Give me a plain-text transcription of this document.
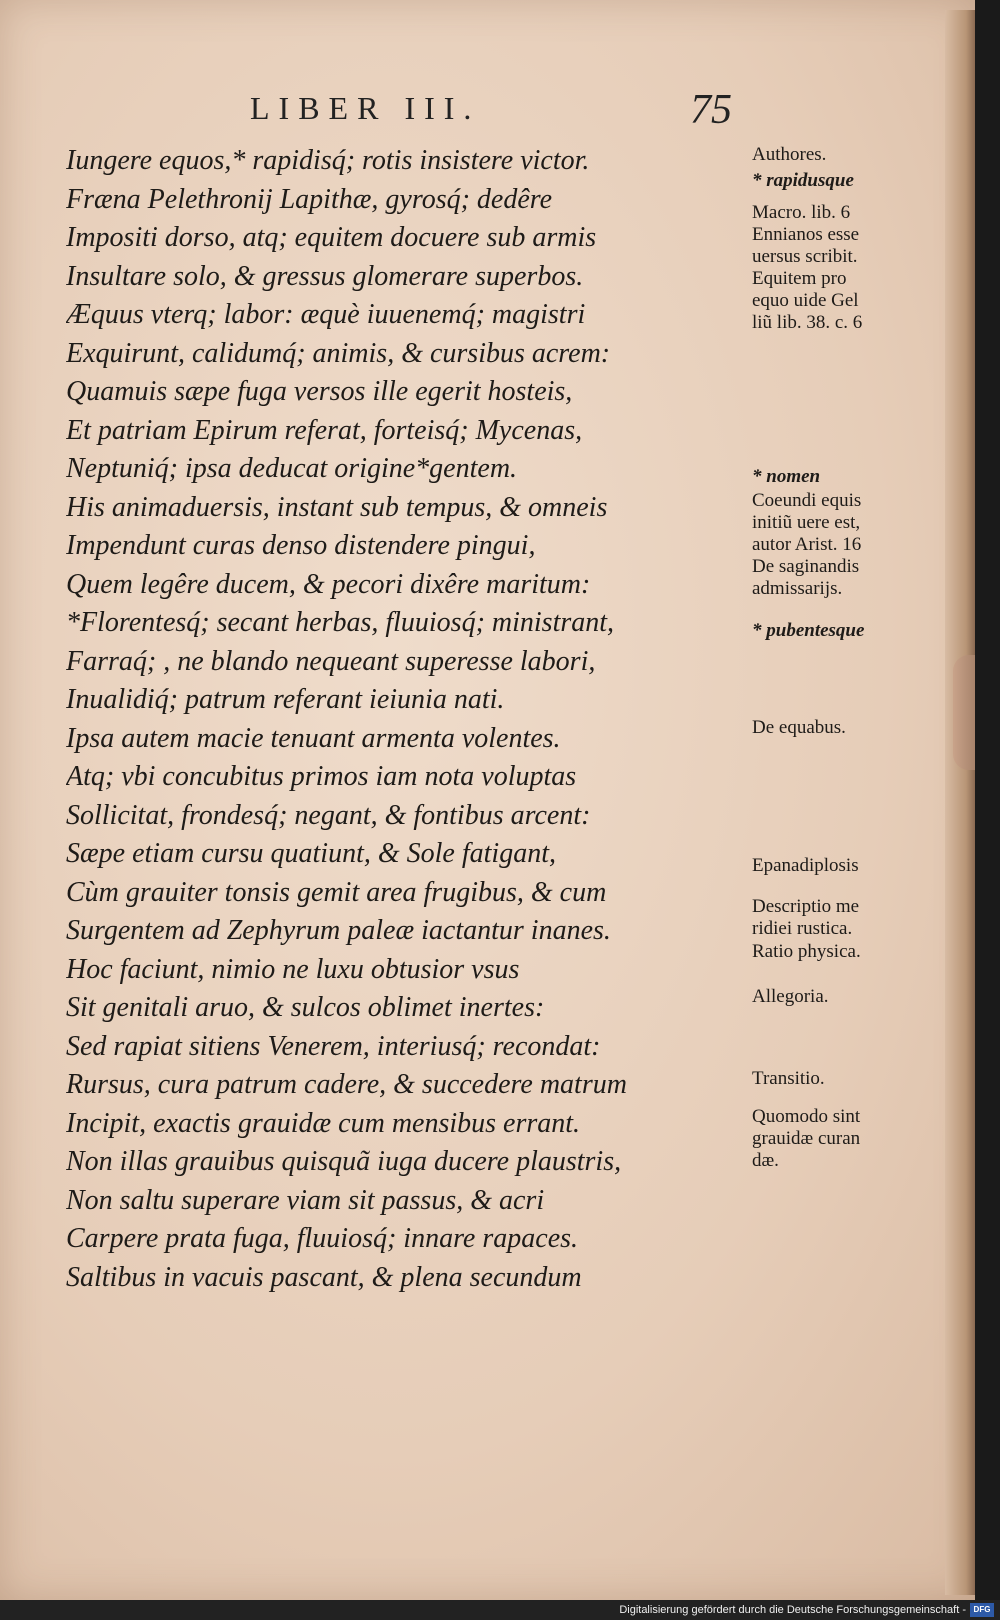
LIBER III.	75
Iungere equos,* rapidisq́; rotis insistere victor.
Fræna Pelethronij Lapithæ, gyrosq́; dedêre
Impositi dorso, atq; equitem docuere sub armis
Insultare solo, & gressus glomerare superbos.
Æquus vterq; labor: æquè iuuenemq́; magistri
Exquirunt, calidumq́; animis, & cursibus acrem:
Quamuis sæpe fuga versos ille egerit hosteis,
Et patriam Epirum referat, forteisq́; Mycenas,
Neptuniq́; ipsa deducat origine*gentem.
His animaduersis, instant sub tempus, & omneis
Impendunt curas denso distendere pingui,
Quem legêre ducem, & pecori dixêre maritum:
*Florentesq́; secant herbas, fluuiosq́; ministrant,
Farraq́; , ne blando nequeant superesse labori,
Inualidiq́; patrum referant ieiunia nati.
Ipsa autem macie tenuant armenta volentes.
Atq; vbi concubitus primos iam nota voluptas
Sollicitat, frondesq́; negant, & fontibus arcent:
Sæpe etiam cursu quatiunt, & Sole fatigant,
Cùm grauiter tonsis gemit area frugibus, & cum
Surgentem ad Zephyrum paleæ iactantur inanes.
Hoc faciunt, nimio ne luxu obtusior vsus
Sit genitali aruo, & sulcos oblimet inertes:
Sed rapiat sitiens Venerem, interiusq́; recondat:
Rursus, cura patrum cadere, & succedere matrum
Incipit, exactis grauidæ cum mensibus errant.
Non illas grauibus quisquã iuga ducere plaustris,
Non saltu superare viam sit passus, & acri
Carpere prata fuga, fluuiosq́; innare rapaces.
Saltibus in vacuis pascant, & plena secundum
Authores.
* rapidusque
Macro. lib. 6
Ennianos esse
uersus scribit.
Equitem pro
equo uide Gel
liũ lib. 38. c. 6
* nomen
Coeundi equis
initiũ uere est,
autor Arist. 16
De saginandis
admissarijs.
* pubentesque
De equabus.
Epanadiplosis
Descriptio me
ridiei rustica.
Ratio physica.
Allegoria.
Transitio.
Quomodo sint
grauidæ curan
dæ.
Digitalisierung gefördert durch die Deutsche Forschungsgemeinschaft - DFG
